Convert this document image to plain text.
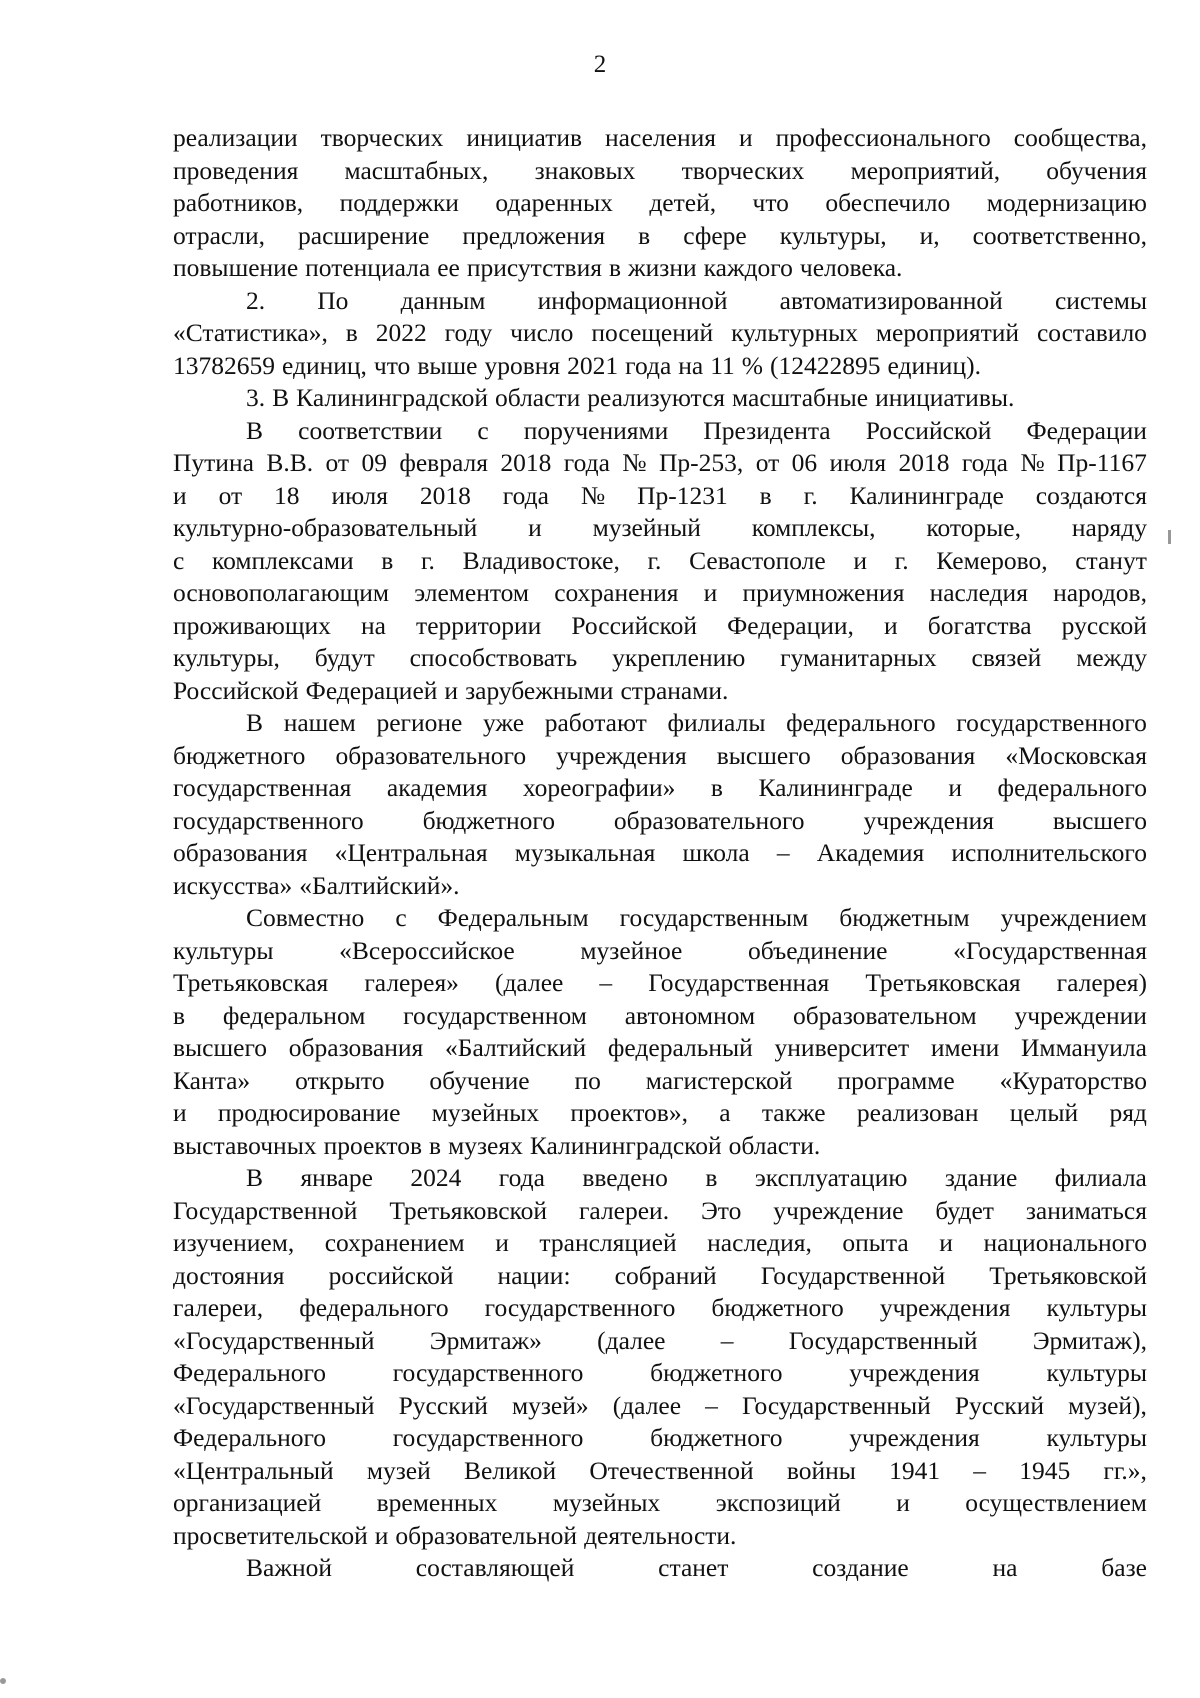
2
реализации творческих инициатив населения и профессионального сообщества,
проведения масштабных, знаковых творческих мероприятий, обучения
работников, поддержки одаренных детей, что обеспечило модернизацию
отрасли, расширение предложения в сфере культуры, и, соответственно,
повышение потенциала ее присутствия в жизни каждого человека.
2. По данным информационной автоматизированной системы
«Статистика», в 2022 году число посещений культурных мероприятий составило
13782659 единиц, что выше уровня 2021 года на 11 % (12422895 единиц).
3. В Калининградской области реализуются масштабные инициативы.
В соответствии с поручениями Президента Российской Федерации
Путина В.В. от 09 февраля 2018 года № Пр-253, от 06 июля 2018 года № Пр-1167
и от 18 июля 2018 года № Пр-1231 в г. Калининграде создаются
культурно-образовательный и музейный комплексы, которые, наряду
с комплексами в г. Владивостоке, г. Севастополе и г. Кемерово, станут
основополагающим элементом сохранения и приумножения наследия народов,
проживающих на территории Российской Федерации, и богатства русской
культуры, будут способствовать укреплению гуманитарных связей между
Российской Федерацией и зарубежными странами.
В нашем регионе уже работают филиалы федерального государственного
бюджетного образовательного учреждения высшего образования «Московская
государственная академия хореографии» в Калининграде и федерального
государственного бюджетного образовательного учреждения высшего
образования «Центральная музыкальная школа – Академия исполнительского
искусства» «Балтийский».
Совместно с Федеральным государственным бюджетным учреждением
культуры	«Всероссийское	музейное	объединение	«Государственная
Третьяковская галерея» (далее – Государственная Третьяковская галерея)
в федеральном государственном автономном образовательном учреждении
высшего образования «Балтийский федеральный университет имени Иммануила
Канта» открыто обучение по магистерской программе «Кураторство
и продюсирование музейных проектов», а также реализован целый ряд
выставочных проектов в музеях Калининградской области.
В январе 2024 года введено в эксплуатацию здание филиала
Государственной Третьяковской галереи. Это учреждение будет заниматься
изучением, сохранением и трансляцией наследия, опыта и национального
достояния российской нации: собраний Государственной Третьяковской
галереи, федерального государственного бюджетного учреждения культуры
«Государственный Эрмитаж» (далее – Государственный Эрмитаж),
Федерального	государственного	бюджетного	учреждения	культуры
«Государственный Русский музей» (далее – Государственный Русский музей),
Федерального	государственного	бюджетного	учреждения	культуры
«Центральный музей Великой Отечественной войны 1941 – 1945 гг.»,
организацией временных музейных экспозиций и осуществлением
просветительской и образовательной деятельности.
Важной	составляющей	станет	создание	на	базе
